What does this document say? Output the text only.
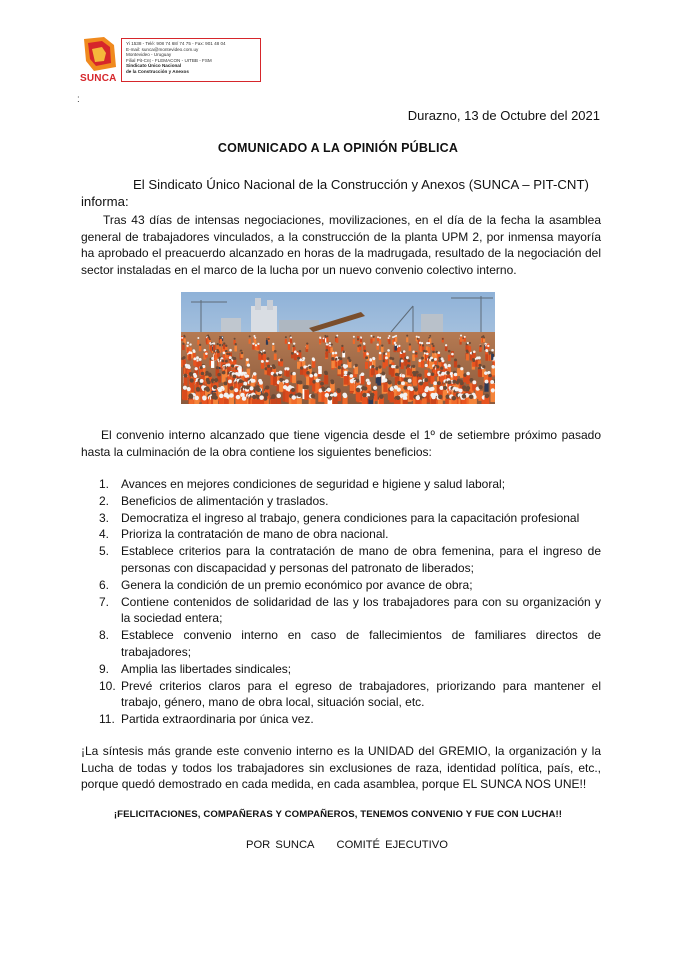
SUNCA
Yi 1538 - Telé: 908 74 68/ 74 75 - Fax: 901 48 04
E-mail: sunca@montevideo.com.uy
Montevideo - Uruguay
Filial Pit-Cnt - FLEMACON - UITBB - FSM
Sindicato Único Nacional
de la Construcción y Anexos
:
Durazno, 13 de Octubre del 2021
COMUNICADO A LA OPINIÓN PÚBLICA
El Sindicato Único Nacional de la Construcción y Anexos (SUNCA – PIT-CNT) informa:
Tras 43 días de intensas negociaciones, movilizaciones, en el día de la fecha la asamblea general de trabajadores vinculados, a la construcción de la planta UPM 2, por inmensa mayoría ha aprobado el preacuerdo alcanzado en horas de la madrugada, resultado de la negociación del sector instaladas en el marco de la lucha por un nuevo convenio colectivo interno.
El convenio interno alcanzado que tiene vigencia desde el 1º de setiembre próximo pasado hasta la culminación de la obra contiene los siguientes beneficios:
1. Avances en mejores condiciones de seguridad e higiene y salud laboral;
2. Beneficios de alimentación y traslados.
3. Democratiza el ingreso al trabajo, genera condiciones para la capacitación profesional
4. Prioriza la contratación de mano de obra nacional.
5. Establece criterios para la contratación de mano de obra femenina, para el ingreso de personas con discapacidad y personas del patronato de liberados;
6. Genera la condición de un premio económico por avance de obra;
7. Contiene contenidos de solidaridad de las y los trabajadores para con su organización y la sociedad entera;
8. Establece convenio interno en caso de fallecimientos de familiares directos de trabajadores;
9. Amplia las libertades sindicales;
10. Prevé criterios claros para el egreso de trabajadores, priorizando para mantener el trabajo, género, mano de obra local, situación social, etc.
11. Partida extraordinaria por única vez.
¡La síntesis más grande este convenio interno es la UNIDAD del GREMIO, la organización y la Lucha de todas y todos los trabajadores sin exclusiones de raza, identidad política, país, etc., porque quedó demostrado en cada medida, en cada asamblea, porque EL SUNCA NOS UNE!!
¡FELICITACIONES, COMPAÑERAS Y COMPAÑEROS, TENEMOS CONVENIO Y FUE CON LUCHA!!
POR SUNCA COMITÉ EJECUTIVO
